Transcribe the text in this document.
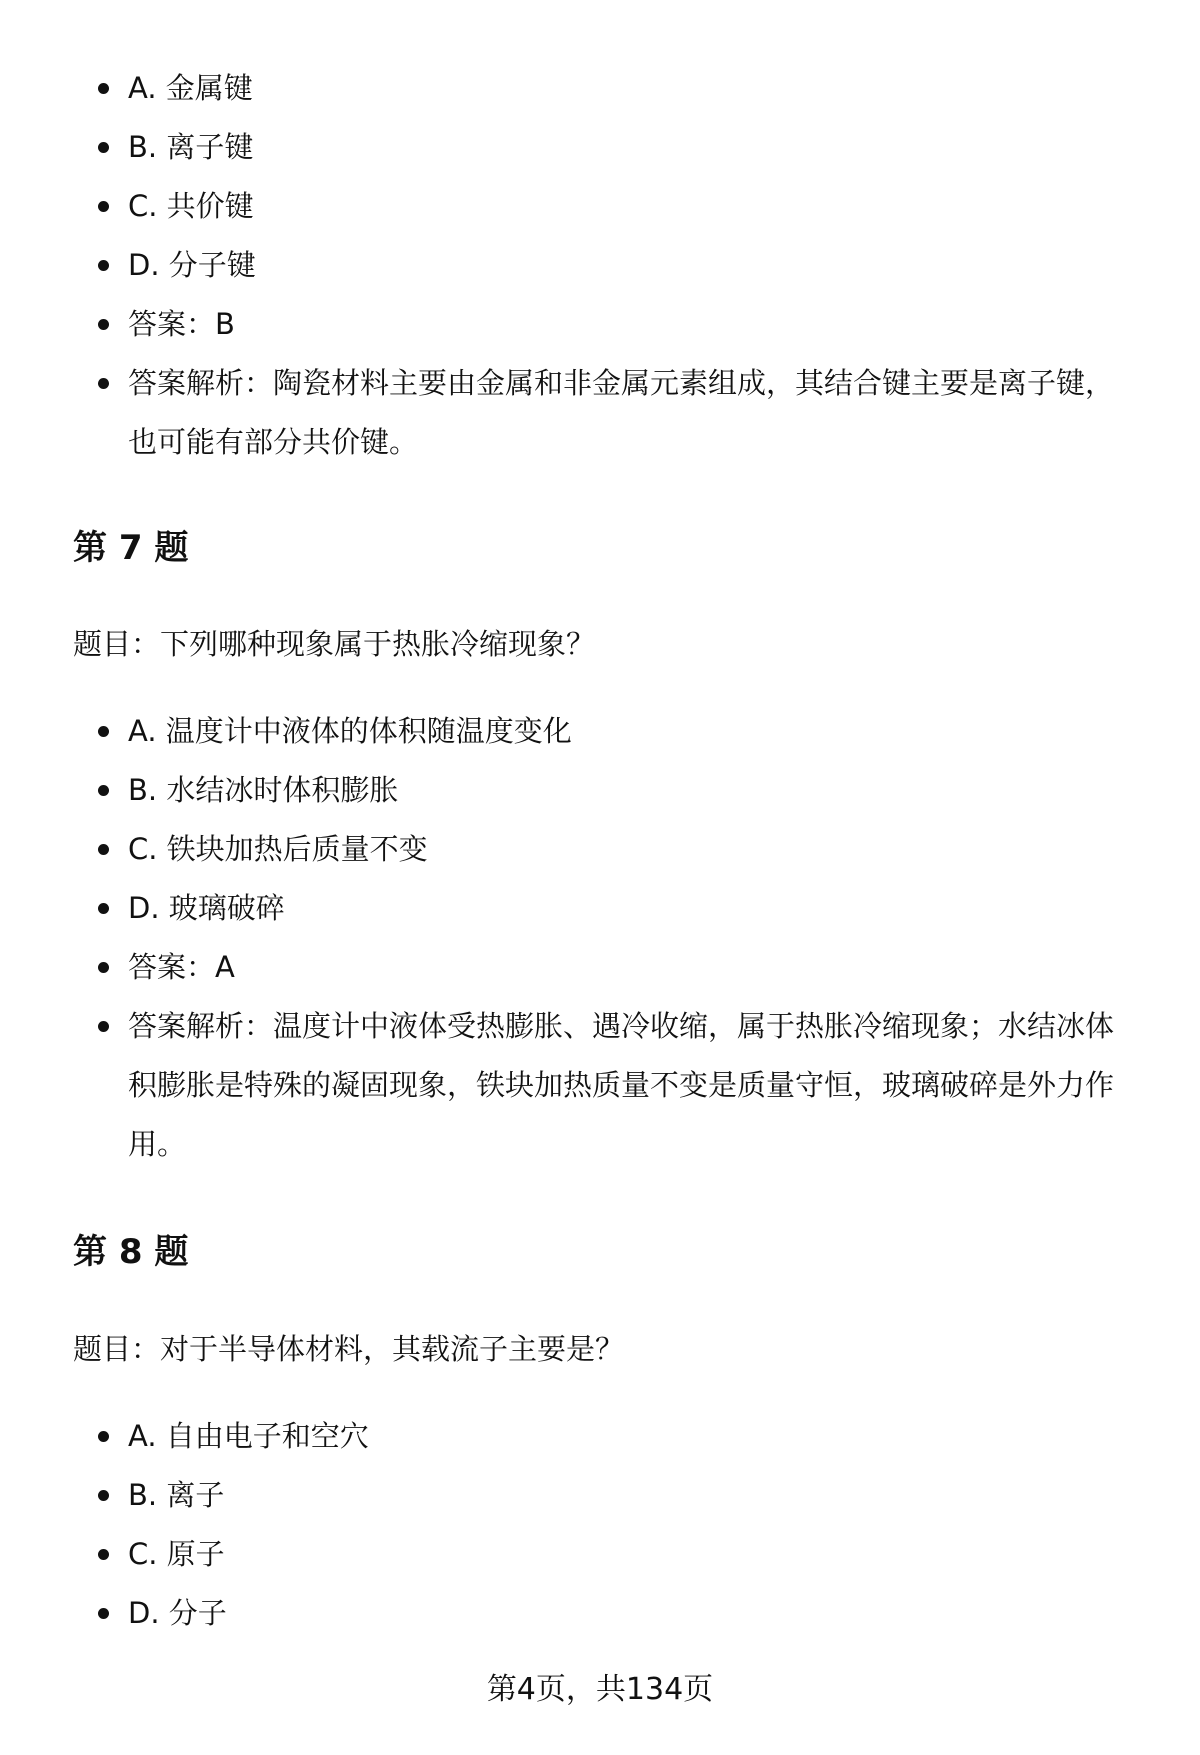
A. 金属键
B. 离子键
C. 共价键
D. 分子键
答案：B
答案解析：陶瓷材料主要由金属和非金属元素组成，其结合键主要是离子键，也可能有部分共价键。
第 7 题

题目：下列哪种现象属于热胀冷缩现象？

A. 温度计中液体的体积随温度变化
B. 水结冰时体积膨胀
C. 铁块加热后质量不变
D. 玻璃破碎
答案：A
答案解析：温度计中液体受热膨胀、遇冷收缩，属于热胀冷缩现象；水结冰体积膨胀是特殊的凝固现象，铁块加热质量不变是质量守恒，玻璃破碎是外力作用。
第 8 题

题目：对于半导体材料，其载流子主要是？

A. 自由电子和空穴
B. 离子
C. 原子
D. 分子
第4页，共134页
